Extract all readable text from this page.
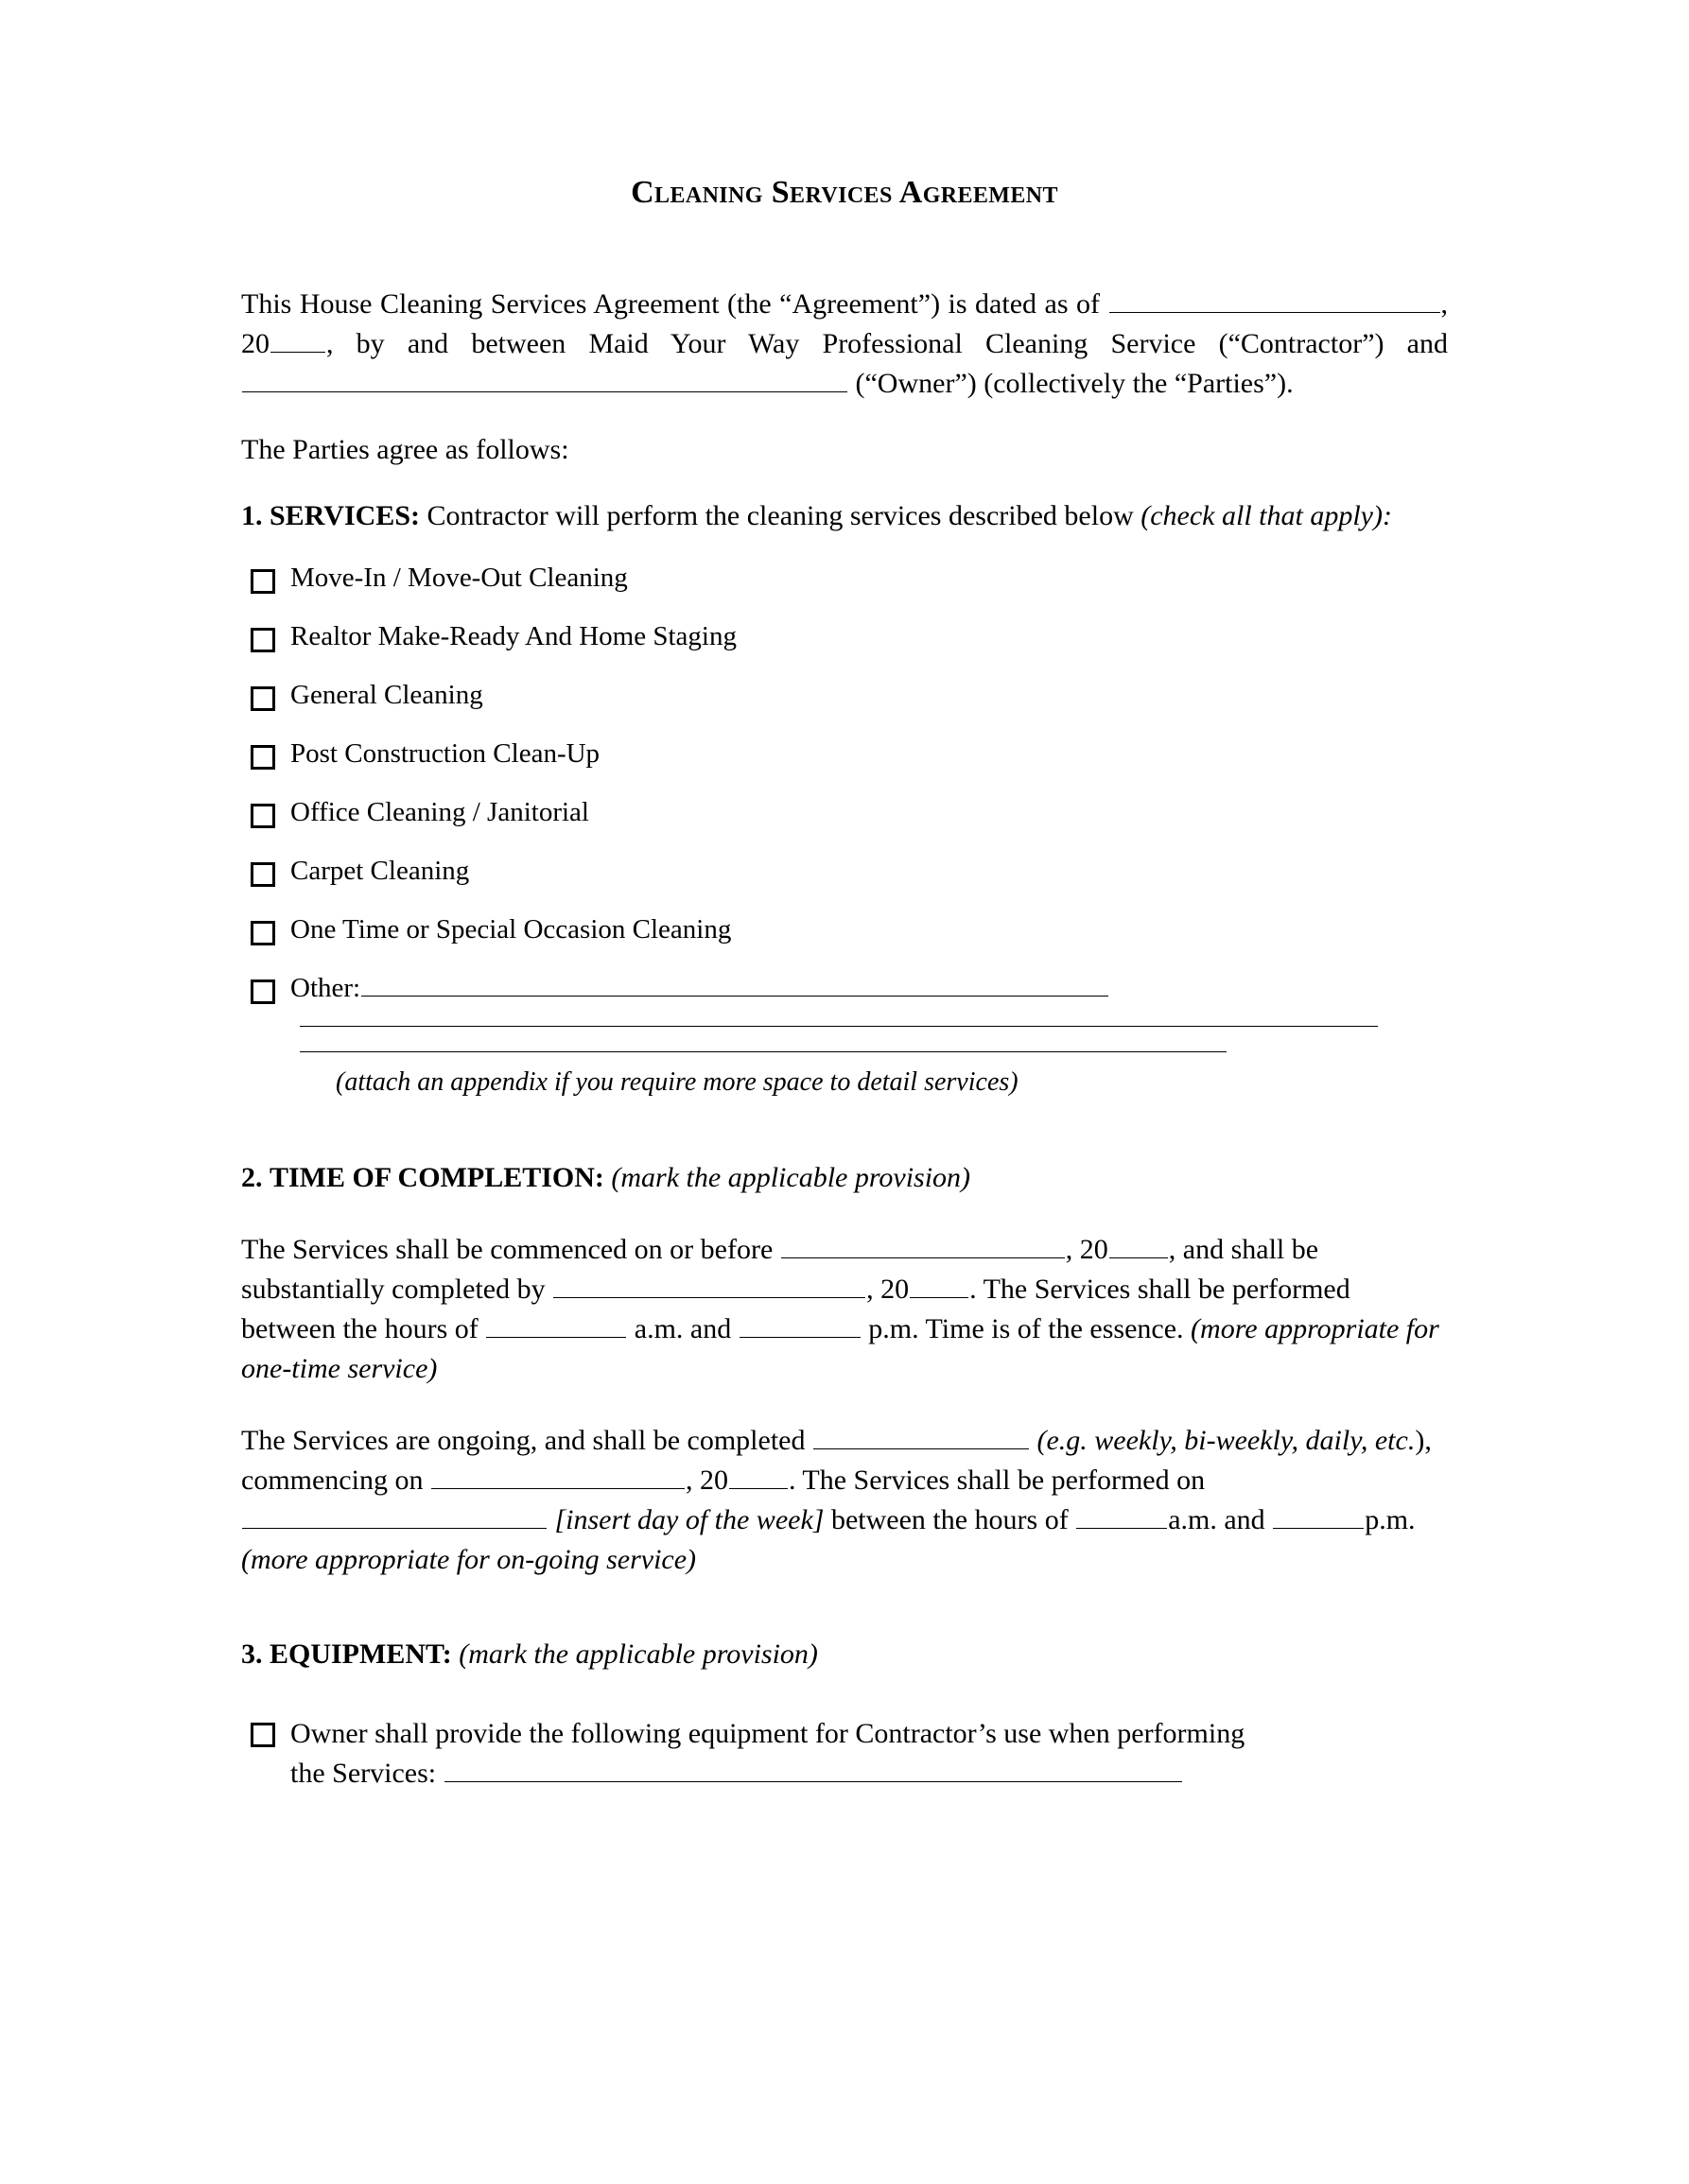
Cleaning Services Agreement

This House Cleaning Services Agreement (the “Agreement”) is dated as of	, 20 , by and between Maid Your Way Professional Cleaning Service (“Contractor”) and  (“Owner”) (collectively the “Parties”).

The Parties agree as follows:

1. SERVICES: Contractor will perform the cleaning services described below (check all that apply):

Move-In / Move-Out Cleaning
Realtor Make-Ready And Home Staging
General Cleaning
Post Construction Clean-Up
Office Cleaning / Janitorial
Carpet Cleaning
One Time or Special Occasion Cleaning
Other:
(attach an appendix if you require more space to detail services)

2. TIME OF COMPLETION: (mark the applicable provision)

The Services shall be commenced on or before	, 20 , and shall be substantially completed by	, 20 . The Services shall be performed between the hours of	a.m. and	p.m. Time is of the essence. (more appropriate for one-time service)
The Services are ongoing, and shall be completed	(e.g. weekly, bi-weekly, daily, etc.), commencing on	, 20 . The Services shall be performed on  [insert day of the week] between the hours of	a.m. and	p.m. (more appropriate for on-going service)

3. EQUIPMENT: (mark the applicable provision)

Owner shall provide the following equipment for Contractor’s use when performing
the Services:
